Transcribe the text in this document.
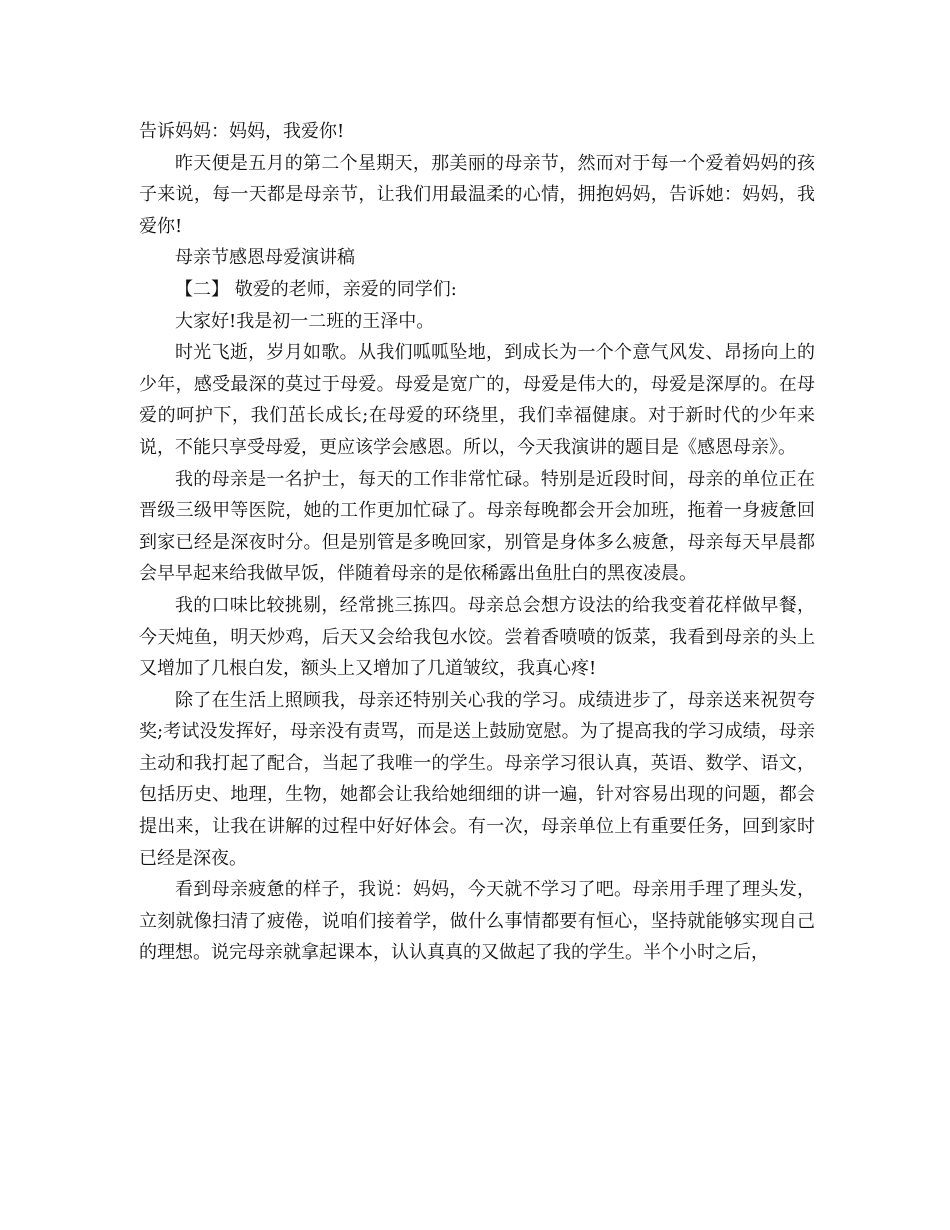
告诉妈妈：妈妈，我爱你!

昨天便是五月的第二个星期天，那美丽的母亲节，然而对于每一个爱着妈妈的孩子来说，每一天都是母亲节，让我们用最温柔的心情，拥抱妈妈，告诉她：妈妈，我爱你!

母亲节感恩母爱演讲稿

【二】 敬爱的老师，亲爱的同学们:

大家好!我是初一二班的王泽中。

时光飞逝，岁月如歌。从我们呱呱坠地，到成长为一个个意气风发、昂扬向上的少年，感受最深的莫过于母爱。母爱是宽广的，母爱是伟大的，母爱是深厚的。在母爱的呵护下，我们茁长成长;在母爱的环绕里，我们幸福健康。对于新时代的少年来说，不能只享受母爱，更应该学会感恩。所以，今天我演讲的题目是《感恩母亲》。

我的母亲是一名护士，每天的工作非常忙碌。特别是近段时间，母亲的单位正在晋级三级甲等医院，她的工作更加忙碌了。母亲每晚都会开会加班，拖着一身疲惫回到家已经是深夜时分。但是别管是多晚回家，别管是身体多么疲惫，母亲每天早晨都会早早起来给我做早饭，伴随着母亲的是依稀露出鱼肚白的黑夜凌晨。

我的口味比较挑剔，经常挑三拣四。母亲总会想方设法的给我变着花样做早餐，今天炖鱼，明天炒鸡，后天又会给我包水饺。尝着香喷喷的饭菜，我看到母亲的头上又增加了几根白发，额头上又增加了几道皱纹，我真心疼!

除了在生活上照顾我，母亲还特别关心我的学习。成绩进步了，母亲送来祝贺夸奖;考试没发挥好，母亲没有责骂，而是送上鼓励宽慰。为了提高我的学习成绩，母亲主动和我打起了配合，当起了我唯一的学生。母亲学习很认真，英语、数学、语文，包括历史、地理，生物，她都会让我给她细细的讲一遍，针对容易出现的问题，都会提出来，让我在讲解的过程中好好体会。有一次，母亲单位上有重要任务，回到家时已经是深夜。

看到母亲疲惫的样子，我说：妈妈，今天就不学习了吧。母亲用手理了理头发，立刻就像扫清了疲倦，说咱们接着学，做什么事情都要有恒心，坚持就能够实现自己的理想。说完母亲就拿起课本，认认真真的又做起了我的学生。半个小时之后，
